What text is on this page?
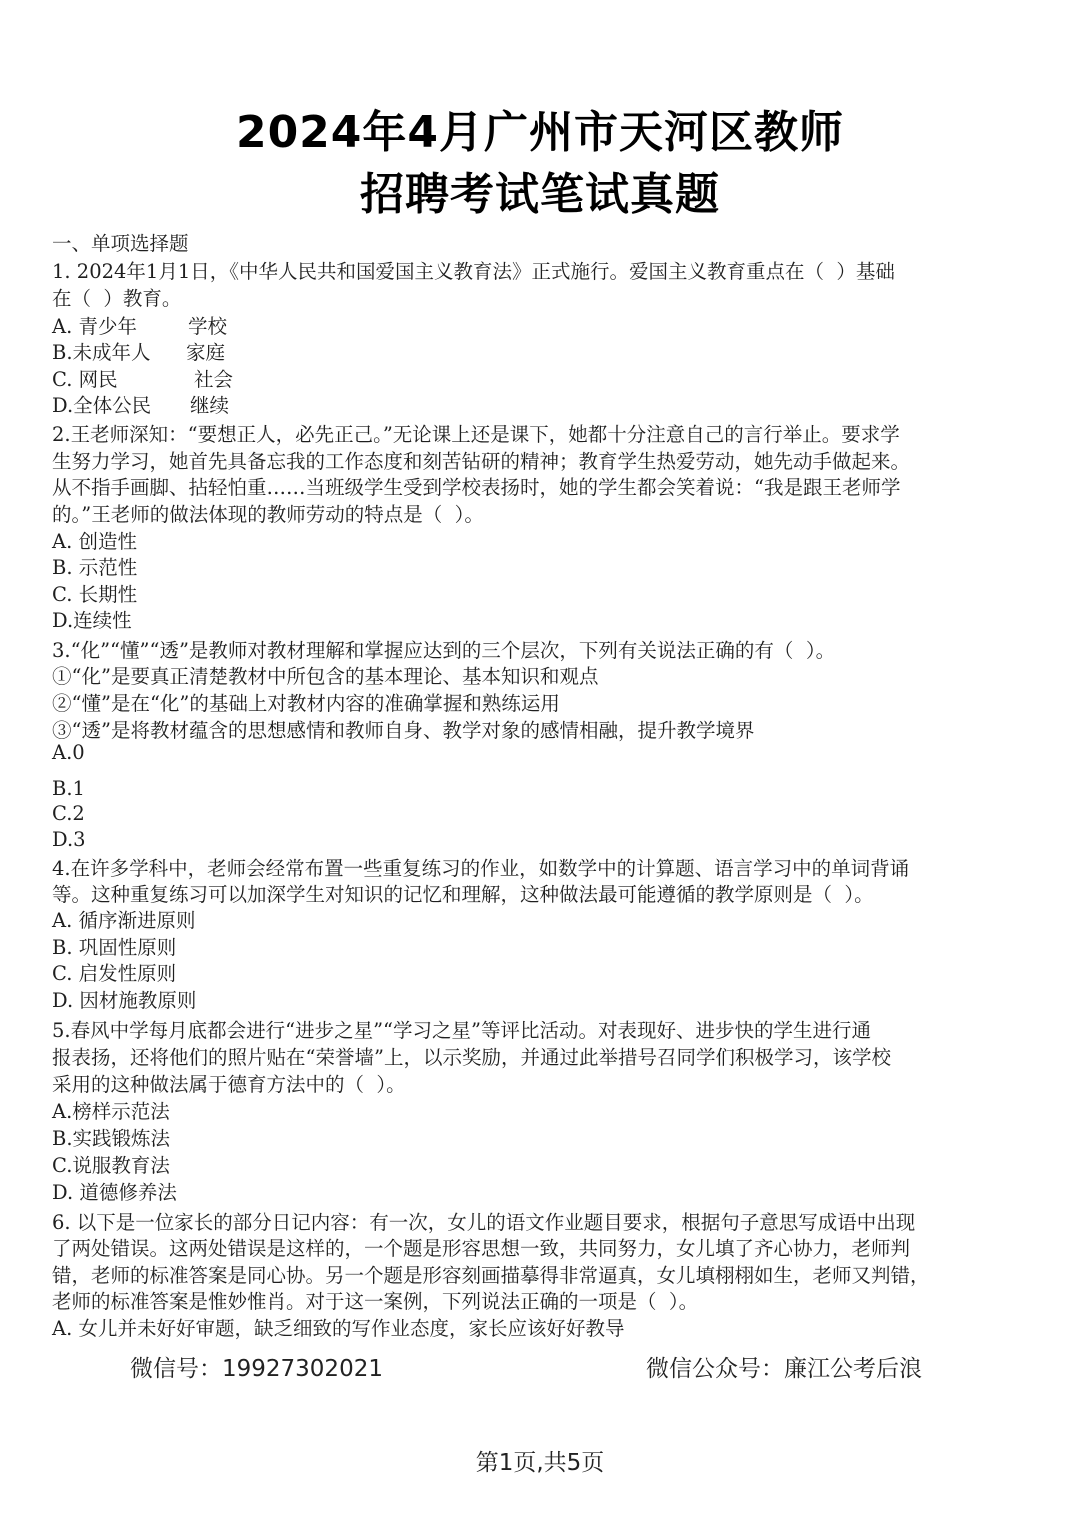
2024年4月广州市天河区教师
招聘考试笔试真题
一、单项选择题
1. 2024年1月1日，《中华人民共和国爱国主义教育法》正式施行。爱国主义教育重点在（  ）基础
在（  ）教育。
A. 青少年	学校
B.未成年人 家庭
C. 网民	社会
D.全体公民 继续
2.王老师深知：“要想正人，必先正己。”无论课上还是课下，她都十分注意自己的言行举止。要求学
生努力学习，她首先具备忘我的工作态度和刻苦钻研的精神；教育学生热爱劳动，她先动手做起来。
从不指手画脚、拈轻怕重……当班级学生受到学校表扬时，她的学生都会笑着说：“我是跟王老师学
的。”王老师的做法体现的教师劳动的特点是（  ）。
A. 创造性
B. 示范性
C. 长期性
D.连续性
3.“化”“懂”“透”是教师对教材理解和掌握应达到的三个层次，下列有关说法正确的有（  ）。
①“化”是要真正清楚教材中所包含的基本理论、基本知识和观点
②“懂”是在“化”的基础上对教材内容的准确掌握和熟练运用
③“透”是将教材蕴含的思想感情和教师自身、教学对象的感情相融，提升教学境界
A.0
B.1
C.2
D.3
4.在许多学科中，老师会经常布置一些重复练习的作业，如数学中的计算题、语言学习中的单词背诵
等。这种重复练习可以加深学生对知识的记忆和理解，这种做法最可能遵循的教学原则是（  ）。
A. 循序渐进原则
B. 巩固性原则
C. 启发性原则
D. 因材施教原则
5.春风中学每月底都会进行“进步之星”“学习之星”等评比活动。对表现好、进步快的学生进行通
报表扬，还将他们的照片贴在“荣誉墙”上，以示奖励，并通过此举措号召同学们积极学习，该学校
采用的这种做法属于德育方法中的（  ）。
A.榜样示范法
B.实践锻炼法
C.说服教育法
D. 道德修养法
6. 以下是一位家长的部分日记内容：有一次，女儿的语文作业题目要求，根据句子意思写成语中出现
了两处错误。这两处错误是这样的，一个题是形容思想一致，共同努力，女儿填了齐心协力，老师判
错，老师的标准答案是同心协。另一个题是形容刻画描摹得非常逼真，女儿填栩栩如生，老师又判错，
老师的标准答案是惟妙惟肖。对于这一案例，下列说法正确的一项是（  ）。
A. 女儿并未好好审题，缺乏细致的写作业态度，家长应该好好教导
微信号：19927302021	微信公众号：廉江公考后浪
第1页,共5页
